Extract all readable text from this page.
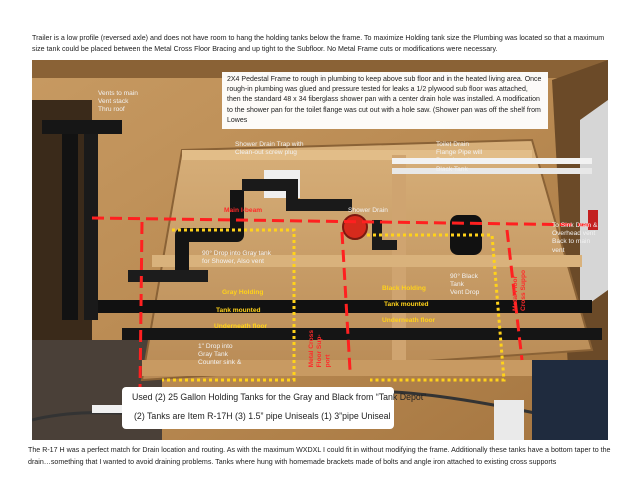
Trailer is a low profile (reversed axle) and does not have room to hang the holding tanks below the frame. To maximize Holding tank size the Plumbing was located so that a maximum size tank could be placed between the Metal Cross Floor Bracing and up tight to the Subfloor. No Metal Frame cuts or modifications were necessary.
2X4 Pedestal Frame to rough in plumbing to keep above sub floor and in the heated living area. Once rough-in plumbing was glued and pressure tested for leaks a 1/2 plywood sub floor was attached, then the standard 48 x 34 fiberglass shower pan with a center drain hole was installed. A modification to the shower pan for the toilet flange was cut out with a hole saw. (Shower pan was off the shelf from Lowes
Vents to main
Vent stack
Thru roof
Shower Drain Trap with
Clean-out screw plug
Toilet Drain
Flange Pipe will
Pass here to
Black Tank
Main I-beam	Shower Drain
90° Drop into Gray tank
for Shower, Also vent
Gray Holding
Tank mounted
Underneath floor
1" Drop into
Gray Tank
Counter sink &
Black Holding
Tank mounted
Underneath floor
90° Black
Tank
Vent Drop
To Sink Drain &
Overhead vent
Back to main
vent
Metal Cross
Floor Sup-
port
Metal Floor
Cross Suppo
Used (2) 25 Gallon Holding Tanks for the Gray and Black from “Tank Depot”
(2) Tanks are Item R-17H (3) 1.5” pipe Uniseals (1) 3”pipe Uniseal
The R-17 H was a perfect match for Drain location and routing. As with the maximum WXDXL I could fit in without modifying the frame. Additionally these tanks have a bottom taper to the drain…something that I wanted to avoid draining problems. Tanks where hung with homemade brackets made of bolts and angle iron attached to existing cross supports
